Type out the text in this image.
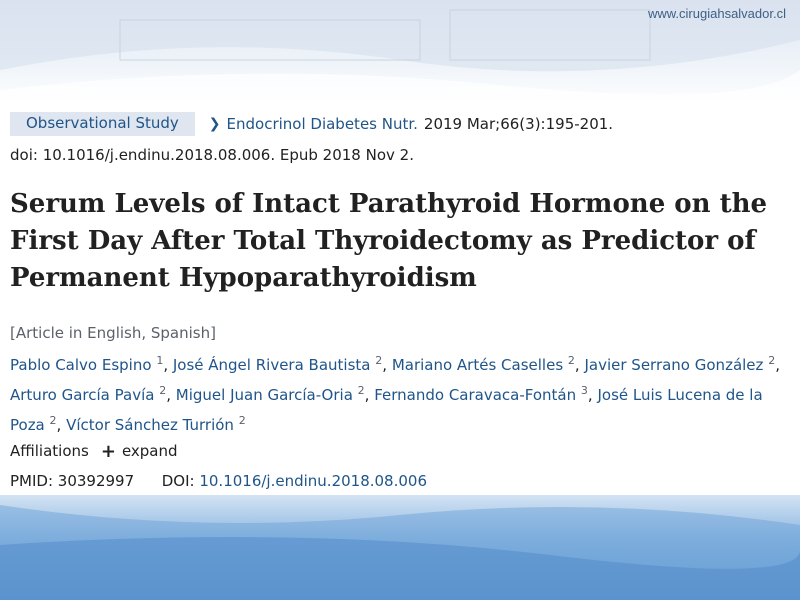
www.cirugiahsalvador.cl
Observational Study	❯ Endocrinol Diabetes Nutr. 2019 Mar;66(3):195-201.
doi: 10.1016/j.endinu.2018.08.006. Epub 2018 Nov 2.
Serum Levels of Intact Parathyroid Hormone on the First Day After Total Thyroidectomy as Predictor of Permanent Hypoparathyroidism
[Article in English, Spanish]
Pablo Calvo Espino $^1$, José Ángel Rivera Bautista $^2$, Mariano Artés Caselles $^2$, Javier Serrano González $^2$, Arturo García Pavía $^2$, Miguel Juan García-Oria $^2$, Fernando Caravaca-Fontán $^3$, José Luis Lucena de la Poza $^2$, Víctor Sánchez Turrión $^2$
Affiliations + expand
PMID: 30392997 DOI: 10.1016/j.endinu.2018.08.006
